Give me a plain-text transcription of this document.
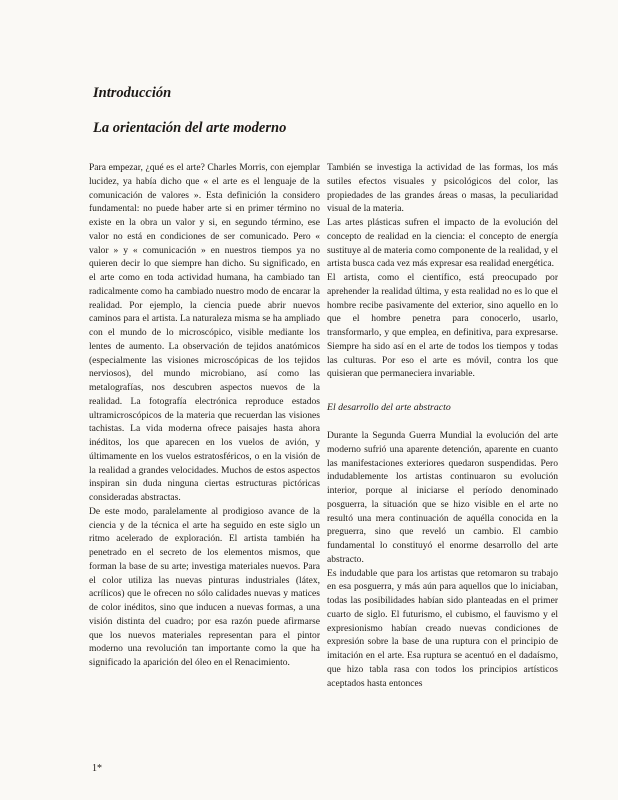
Introducción
La orientación del arte moderno

Para empezar, ¿qué es el arte? Charles Morris, con ejemplar lucidez, ya había dicho que « el arte es el lenguaje de la comunicación de valores ». Esta definición la considero fundamental: no puede haber arte si en primer término no existe en la obra un valor y si, en segundo término, ese valor no está en condiciones de ser comunicado. Pero « valor » y « comunicación » en nuestros tiempos ya no quieren decir lo que siempre han dicho. Su significado, en el arte como en toda actividad humana, ha cambiado tan radicalmente como ha cambiado nuestro modo de encarar la realidad. Por ejemplo, la ciencia puede abrir nuevos caminos para el artista. La naturaleza misma se ha ampliado con el mundo de lo microscópico, visible mediante los lentes de aumento. La observación de tejidos anatómicos (especialmente las visiones microscópicas de los tejidos nerviosos), del mundo microbiano, así como las metalografías, nos descubren aspectos nuevos de la realidad. La fotografía electrónica reproduce estados ultramicroscópicos de la materia que recuerdan las visiones tachistas. La vida moderna ofrece paisajes hasta ahora inéditos, los que aparecen en los vuelos de avión, y últimamente en los vuelos estratosféricos, o en la visión de la realidad a grandes velocidades. Muchos de estos aspectos inspiran sin duda ninguna ciertas estructuras pictóricas consideradas abstractas.

De este modo, paralelamente al prodigioso avance de la ciencia y de la técnica el arte ha seguido en este siglo un ritmo acelerado de exploración. El artista también ha penetrado en el secreto de los elementos mismos, que forman la base de su arte; investiga materiales nuevos. Para el color utiliza las nuevas pinturas industriales (látex, acrílicos) que le ofrecen no sólo calidades nuevas y matices de color inéditos, sino que inducen a nuevas formas, a una visión distinta del cuadro; por esa razón puede afirmarse que los nuevos materiales representan para el pintor moderno una revolución tan importante como la que ha significado la aparición del óleo en el Renacimiento.

También se investiga la actividad de las formas, los más sutiles efectos visuales y psicológicos del color, las propiedades de las grandes áreas o masas, la peculiaridad visual de la materia.

Las artes plásticas sufren el impacto de la evolución del concepto de realidad en la ciencia: el concepto de energía sustituye al de materia como componente de la realidad, y el artista busca cada vez más expresar esa realidad energética.

El artista, como el científico, está preocupado por aprehender la realidad última, y esta realidad no es lo que el hombre recibe pasivamente del exterior, sino aquello en lo que el hombre penetra para conocerlo, usarlo, transformarlo, y que emplea, en definitiva, para expresarse. Siempre ha sido así en el arte de todos los tiempos y todas las culturas. Por eso el arte es móvil, contra los que quisieran que permaneciera invariable.

El desarrollo del arte abstracto

Durante la Segunda Guerra Mundial la evolución del arte moderno sufrió una aparente detención, aparente en cuanto las manifestaciones exteriores quedaron suspendidas. Pero indudablemente los artistas continuaron su evolución interior, porque al iniciarse el período denominado posguerra, la situación que se hizo visible en el arte no resultó una mera continuación de aquélla conocida en la preguerra, sino que reveló un cambio. El cambio fundamental lo constituyó el enorme desarrollo del arte abstracto.

Es indudable que para los artistas que retomaron su trabajo en esa posguerra, y más aún para aquellos que lo iniciaban, todas las posibilidades habían sido planteadas en el primer cuarto de siglo. El futurismo, el cubismo, el fauvismo y el expresionismo habían creado nuevas condiciones de expresión sobre la base de una ruptura con el principio de imitación en el arte. Esa ruptura se acentuó en el dadaísmo, que hizo tabla rasa con todos los principios artísticos aceptados hasta entonces

1*
